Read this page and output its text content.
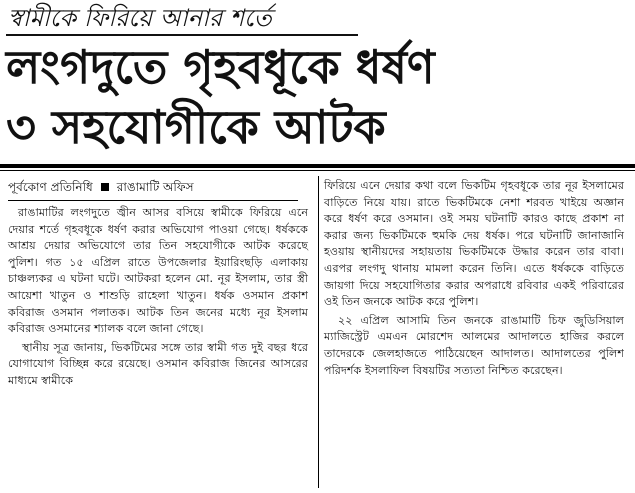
স্বামীকে ফিরিয়ে আনার শর্তে
লংগদুতে গৃহবধূকে ধর্ষণ
৩ সহযোগীকে আটক
পূর্বকোণ প্রতিনিধি রাঙামাটি অফিস

রাঙামাটির লংগদুতে জ্বীন আসর বসিয়ে স্বামীকে ফিরিয়ে এনে দেয়ার শর্তে গৃহবধূকে ধর্ষণ করার অভিযোগ পাওয়া গেছে। ধর্ষককে আশ্রয় দেয়ার অভিযোগে তার তিন সহযোগীকে আটক করেছে পুলিশ। গত ১৫ এপ্রিল রাতে উপজেলার ইয়ারিংছড়ি এলাকায় চাঞ্চল্যকর এ ঘটনা ঘটে। আটকরা হলেন মো. নূর ইসলাম, তার স্ত্রী আয়েশা খাতুন ও শাশুড়ি রাহেলা খাতুন। ধর্ষক ওসমান প্রকাশ কবিরাজ ওসমান পলাতক। আটক তিন জনের মধ্যে নূর ইসলাম কবিরাজ ওসমানের শ্যালক বলে জানা গেছে।

স্থানীয় সূত্র জানায়, ভিকটিমের সঙ্গে তার স্বামী গত দুই বছর ধরে যোগাযোগ বিচ্ছিন্ন করে রয়েছে। ওসমান কবিরাজ জিনের আসরের মাধ্যমে স্বামীকে

ফিরিয়ে এনে দেয়ার কথা বলে ভিকটিম গৃহবধূকে তার নূর ইসলামের বাড়িতে নিয়ে যায়। রাতে ভিকটিমকে নেশা শরবত খাইয়ে অজ্ঞান করে ধর্ষণ করে ওসমান। ওই সময় ঘটনাটি কারও কাছে প্রকাশ না করার জন্য ভিকটিমকে হুমকি দেয় ধর্ষক। পরে ঘটনাটি জানাজানি হওয়ায় স্থানীয়দের সহায়তায় ভিকটিমকে উদ্ধার করেন তার বাবা। এরপর লংগদু থানায় মামলা করেন তিনি। এতে ধর্ষককে বাড়িতে জায়গা দিয়ে সহযোগিতার করার অপরাধে রবিবার একই পরিবারের ওই তিন জনকে আটক করে পুলিশ।

২২ এপ্রিল আসামি তিন জনকে রাঙামাটি চিফ জুডিসিয়াল ম্যাজিস্ট্রেট এমএন মোরশেদ আলমের আদালতে হাজির করলে তাদেরকে জেলহাজতে পাঠিয়েছেন আদালত। আদালতের পুলিশ পরিদর্শক ইসলাফিল বিষয়টির সত্যতা নিশ্চিত করেছেন।
